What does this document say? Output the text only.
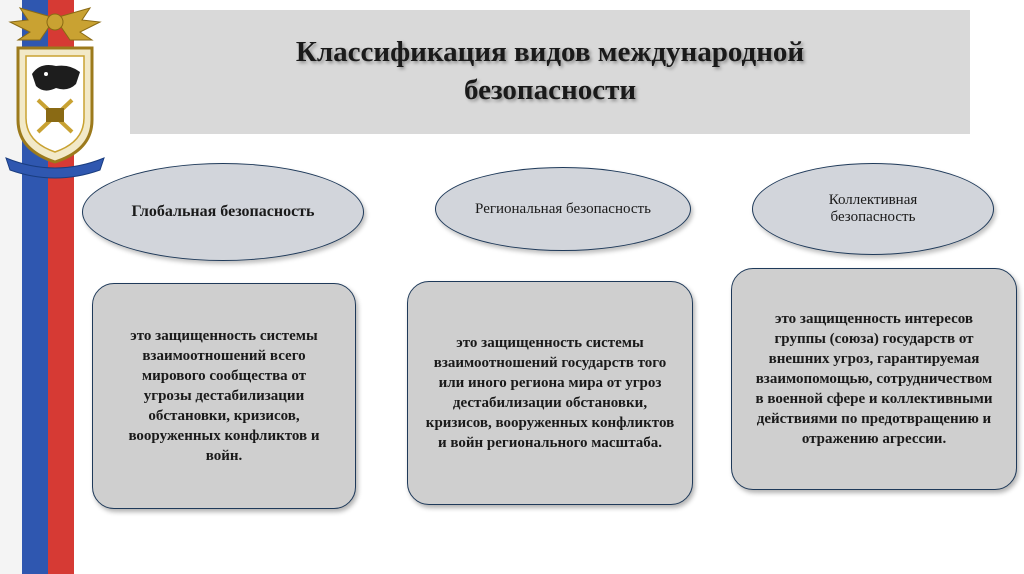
Классификация видов международной безопасности
Глобальная безопасность	Региональная безопасность
Коллективная безопасность
это защищенность системы взаимоотношений всего мирового сообщества от угрозы дестабилизации обстановки, кризисов, вооруженных конфликтов и войн.
это защищенность системы взаимоотношений государств того или иного региона мира от угроз дестабилизации обстановки, кризисов, вооруженных конфликтов и войн регионального масштаба.
это защищенность интересов группы (союза) государств от внешних угроз, гарантируемая взаимопомощью, сотрудничеством в военной сфере и коллективными действиями по предотвращению и отражению агрессии.
